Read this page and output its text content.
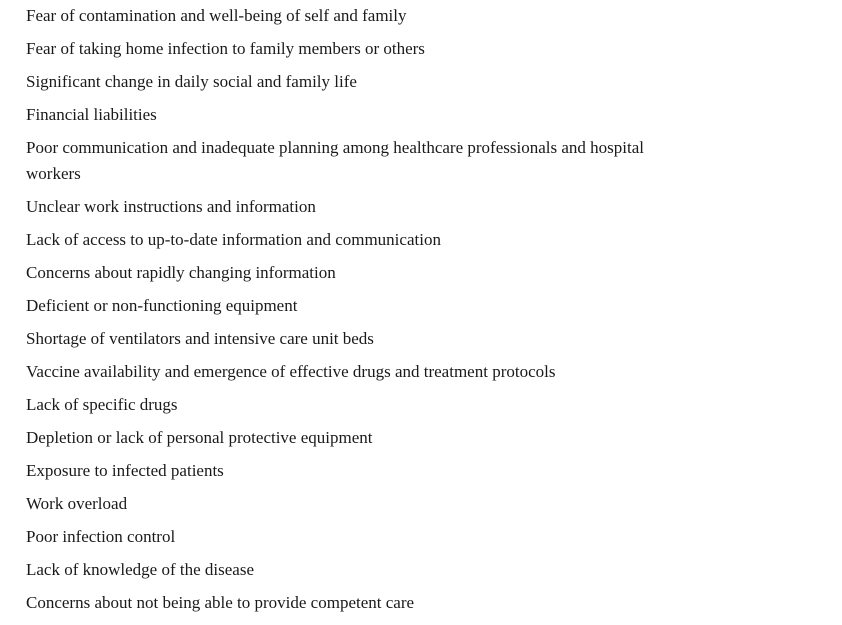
Fear of contamination and well-being of self and family
Fear of taking home infection to family members or others
Significant change in daily social and family life
Financial liabilities
Poor communication and inadequate planning among healthcare professionals and hospital workers
Unclear work instructions and information
Lack of access to up-to-date information and communication
Concerns about rapidly changing information
Deficient or non-functioning equipment
Shortage of ventilators and intensive care unit beds
Vaccine availability and emergence of effective drugs and treatment protocols
Lack of specific drugs
Depletion or lack of personal protective equipment
Exposure to infected patients
Work overload
Poor infection control
Lack of knowledge of the disease
Concerns about not being able to provide competent care
